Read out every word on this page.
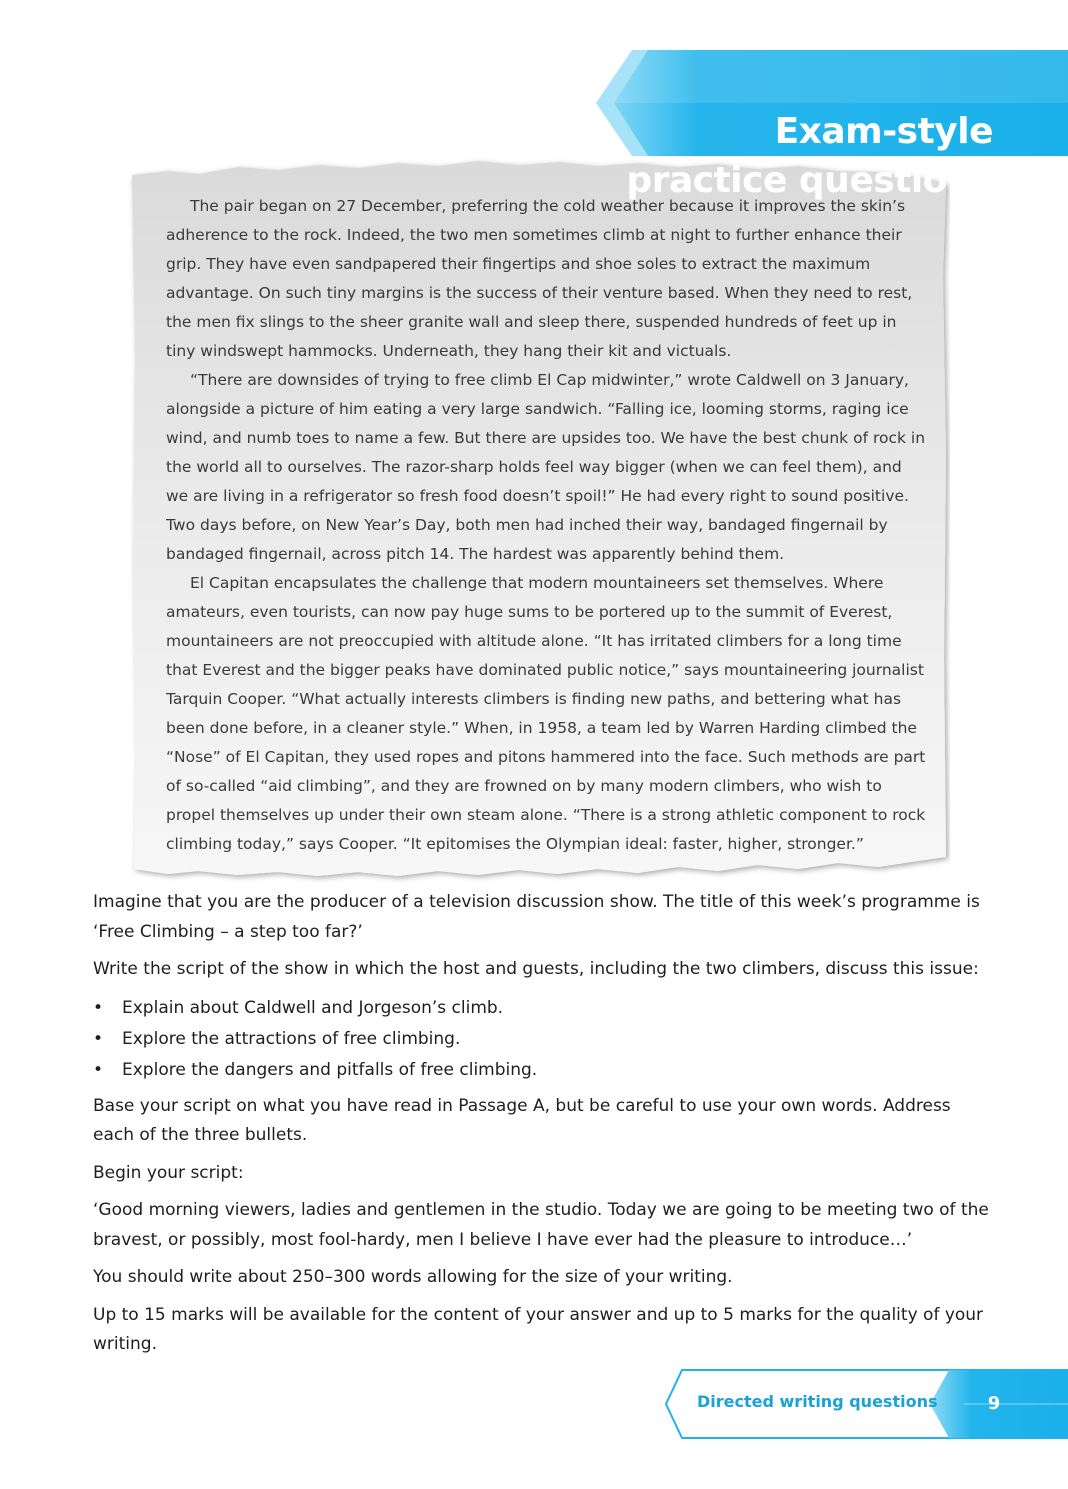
Exam-style
practice questions

The pair began on 27 December, preferring the cold weather because it improves the skin’s adherence to the rock. Indeed, the two men sometimes climb at night to further enhance their grip. They have even sandpapered their fingertips and shoe soles to extract the maximum advantage. On such tiny margins is the success of their venture based. When they need to rest, the men fix slings to the sheer granite wall and sleep there, suspended hundreds of feet up in tiny windswept hammocks. Underneath, they hang their kit and victuals.

“There are downsides of trying to free climb El Cap midwinter,” wrote Caldwell on 3 January, alongside a picture of him eating a very large sandwich. “Falling ice, looming storms, raging ice wind, and numb toes to name a few. But there are upsides too. We have the best chunk of rock in the world all to ourselves. The razor-sharp holds feel way bigger (when we can feel them), and we are living in a refrigerator so fresh food doesn’t spoil!” He had every right to sound positive. Two days before, on New Year’s Day, both men had inched their way, bandaged fingernail by bandaged fingernail, across pitch 14. The hardest was apparently behind them.

El Capitan encapsulates the challenge that modern mountaineers set themselves. Where amateurs, even tourists, can now pay huge sums to be portered up to the summit of Everest, mountaineers are not preoccupied with altitude alone. “It has irritated climbers for a long time that Everest and the bigger peaks have dominated public notice,” says mountaineering journalist Tarquin Cooper. “What actually interests climbers is finding new paths, and bettering what has been done before, in a cleaner style.” When, in 1958, a team led by Warren Harding climbed the “Nose” of El Capitan, they used ropes and pitons hammered into the face. Such methods are part of so-called “aid climbing”, and they are frowned on by many modern climbers, who wish to propel themselves up under their own steam alone. “There is a strong athletic component to rock climbing today,” says Cooper. “It epitomises the Olympian ideal: faster, higher, stronger.”

Imagine that you are the producer of a television discussion show. The title of this week’s programme is ‘Free Climbing – a step too far?’

Write the script of the show in which the host and guests, including the two climbers, discuss this issue:

• Explain about Caldwell and Jorgeson’s climb.
• Explore the attractions of free climbing.
• Explore the dangers and pitfalls of free climbing.

Base your script on what you have read in Passage A, but be careful to use your own words. Address each of the three bullets.

Begin your script:

‘Good morning viewers, ladies and gentlemen in the studio. Today we are going to be meeting two of the bravest, or possibly, most fool-hardy, men I believe I have ever had the pleasure to introduce…’

You should write about 250–300 words allowing for the size of your writing.

Up to 15 marks will be available for the content of your answer and up to 5 marks for the quality of your writing.

Directed writing questions	9
